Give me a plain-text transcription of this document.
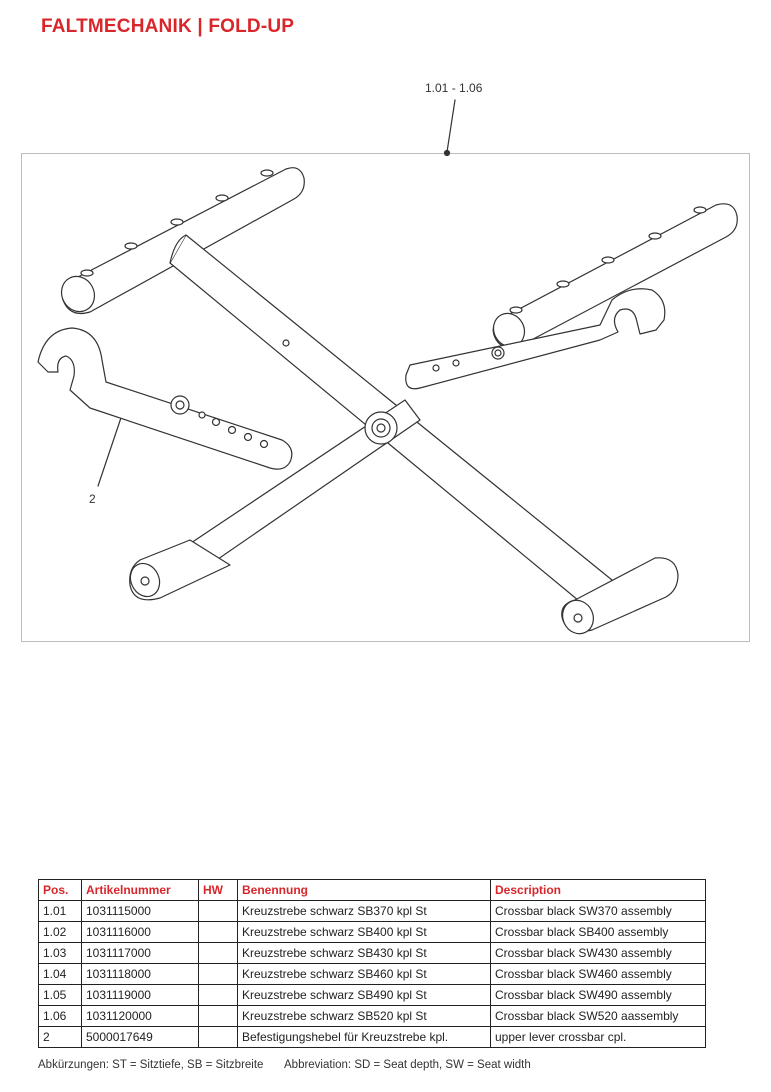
FALTMECHANIK | FOLD-UP
1.01 - 1.06
2
Pos.	Artikelnummer	HW	Benennung	Description
1.01	1031115000		Kreuzstrebe schwarz SB370 kpl St	Crossbar black SW370 assembly
1.02	1031116000		Kreuzstrebe schwarz SB400 kpl St	Crossbar black SB400 assembly
1.03	1031117000		Kreuzstrebe schwarz SB430 kpl St	Crossbar black SW430 assembly
1.04	1031118000		Kreuzstrebe schwarz SB460 kpl St	Crossbar black SW460 assembly
1.05	1031119000		Kreuzstrebe schwarz SB490 kpl St	Crossbar black SW490 assembly
1.06	1031120000		Kreuzstrebe schwarz SB520 kpl St	Crossbar black SW520 aassembly
2	5000017649		Befestigungshebel für Kreuzstrebe kpl.	upper lever crossbar cpl.
Abkürzungen: ST = Sitztiefe, SB = Sitzbreite Abbreviation: SD = Seat depth, SW = Seat width
